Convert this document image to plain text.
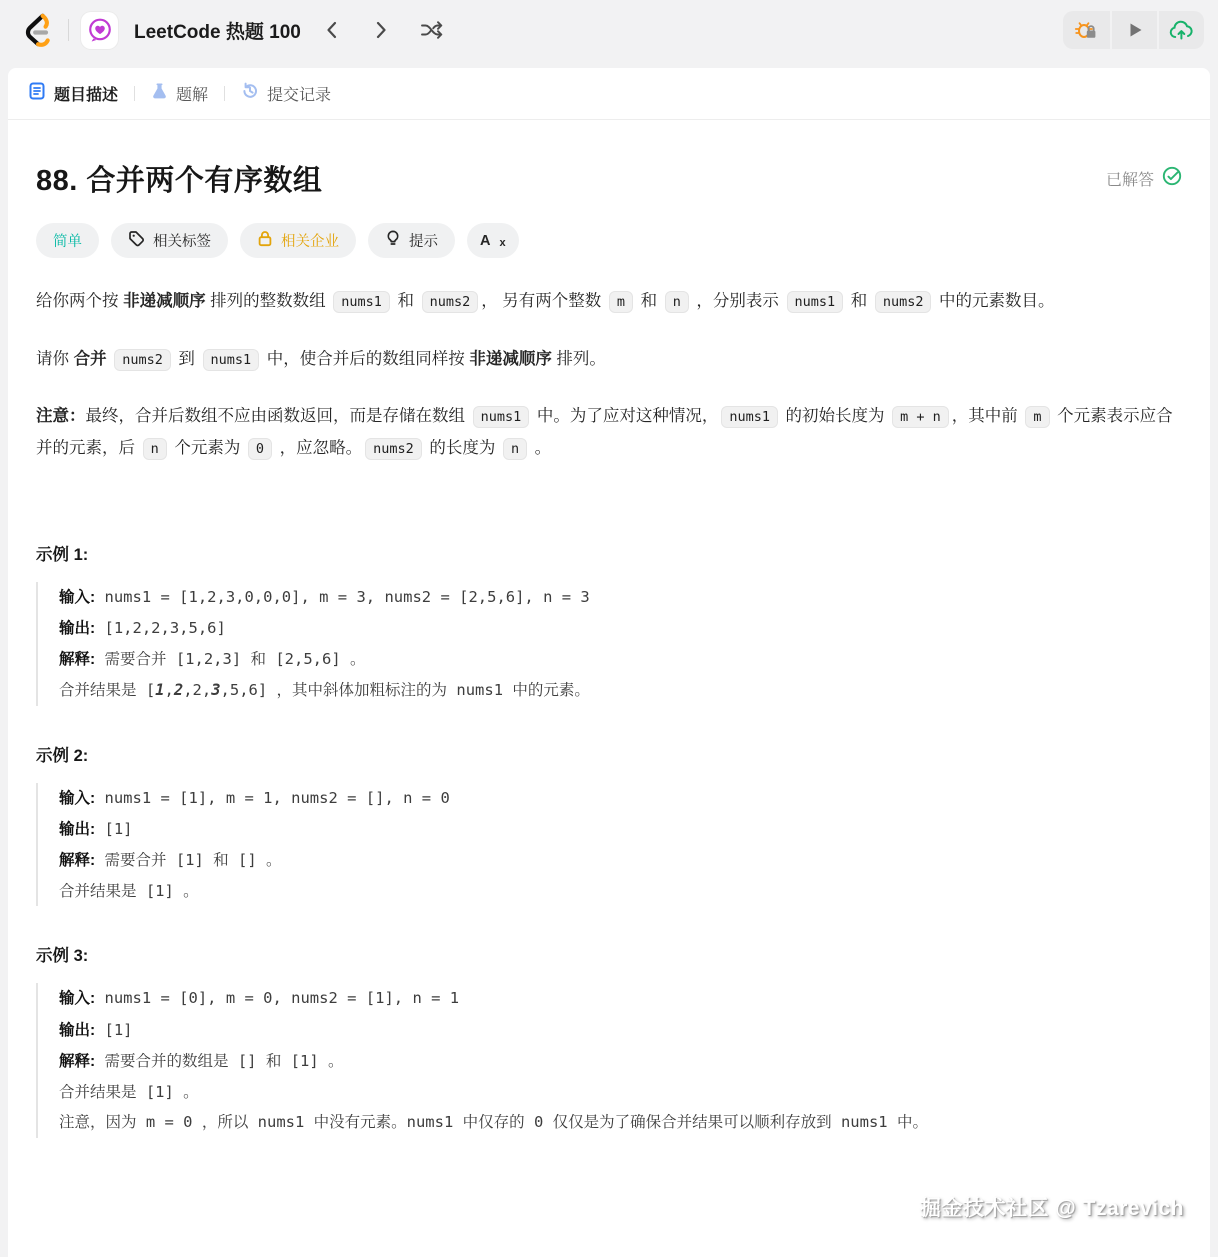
LeetCode 热题 100
题目描述	题解	提交记录
88. 合并两个有序数组	已解答
简单	相关标签	相关企业	提示	A x

给你两个按 非递减顺序 排列的整数数组 nums1 和 nums2 ， 另有两个整数 m 和 n ，分别表示 nums1 和 nums2 中的元素数目。

请你 合并 nums2 到 nums1 中，使合并后的数组同样按 非递减顺序 排列。

注意：最终，合并后数组不应由函数返回，而是存储在数组 nums1 中。为了应对这种情况， nums1 的初始长度为 m + n ，其中前 m 个元素表示应合并的元素，后 n 个元素为 0 ，应忽略。 nums2 的长度为 n 。

示例 1:
输入: nums1 = [1,2,3,0,0,0], m = 3, nums2 = [2,5,6], n = 3
输出: [1,2,2,3,5,6]
解释: 需要合并 [1,2,3] 和 [2,5,6] 。
合并结果是 [1,2,2,3,5,6] ，其中斜体加粗标注的为 nums1 中的元素。
示例 2:
输入: nums1 = [1], m = 1, nums2 = [], n = 0
输出: [1]
解释: 需要合并 [1] 和 [] 。
合并结果是 [1] 。
示例 3:
输入: nums1 = [0], m = 0, nums2 = [1], n = 1
输出: [1]
解释: 需要合并的数组是 [] 和 [1] 。
合并结果是 [1] 。
注意，因为 m = 0 ，所以 nums1 中没有元素。nums1 中仅存的 0 仅仅是为了确保合并结果可以顺利存放到 nums1 中。
掘金技术社区 @ Tzarevich
